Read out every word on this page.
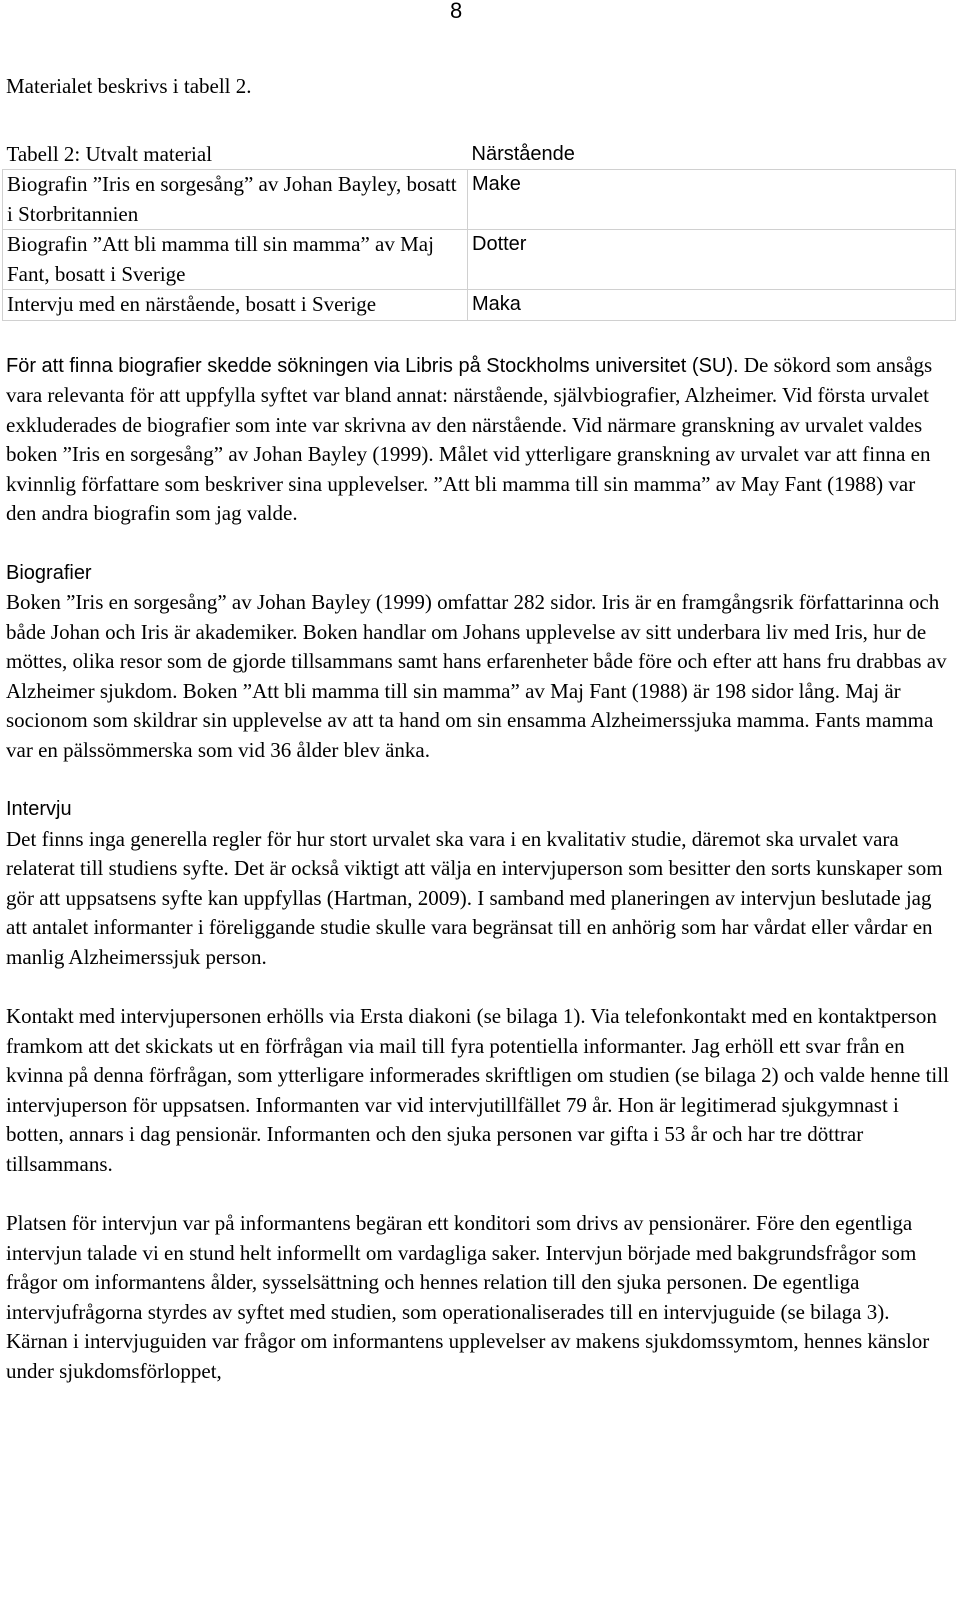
8

Materialet beskrivs i tabell 2.

Tabell 2: Utvalt material	Närstående
Biografin ”Iris en sorgesång” av Johan Bayley, bosatt i Storbritannien	Make
Biografin ”Att bli mamma till sin mamma” av Maj Fant, bosatt i Sverige	Dotter
Intervju med en närstående, bosatt i Sverige	Maka

För att finna biografier skedde sökningen via Libris på Stockholms universitet (SU). De sökord som ansågs vara relevanta för att uppfylla syftet var bland annat: närstående, självbiografier, Alzheimer. Vid första urvalet exkluderades de biografier som inte var skrivna av den närstående. Vid närmare granskning av urvalet valdes boken ”Iris en sorgesång” av Johan Bayley (1999). Målet vid ytterligare granskning av urvalet var att finna en kvinnlig författare som beskriver sina upplevelser. ”Att bli mamma till sin mamma” av May Fant (1988) var den andra biografin som jag valde.

Biografier

Boken ”Iris en sorgesång” av Johan Bayley (1999) omfattar 282 sidor. Iris är en framgångsrik författarinna och både Johan och Iris är akademiker. Boken handlar om Johans upplevelse av sitt underbara liv med Iris, hur de möttes, olika resor som de gjorde tillsammans samt hans erfarenheter både före och efter att hans fru drabbas av Alzheimer sjukdom. Boken ”Att bli mamma till sin mamma” av Maj Fant (1988) är 198 sidor lång. Maj är socionom som skildrar sin upplevelse av att ta hand om sin ensamma Alzheimerssjuka mamma. Fants mamma var en pälssömmerska som vid 36 ålder blev änka.

Intervju

Det finns inga generella regler för hur stort urvalet ska vara i en kvalitativ studie, däremot ska urvalet vara relaterat till studiens syfte. Det är också viktigt att välja en intervjuperson som besitter den sorts kunskaper som gör att uppsatsens syfte kan uppfyllas (Hartman, 2009). I samband med planeringen av intervjun beslutade jag att antalet informanter i föreliggande studie skulle vara begränsat till en anhörig som har vårdat eller vårdar en manlig Alzheimerssjuk person.

Kontakt med intervjupersonen erhölls via Ersta diakoni (se bilaga 1). Via telefonkontakt med en kontaktperson framkom att det skickats ut en förfrågan via mail till fyra potentiella informanter. Jag erhöll ett svar från en kvinna på denna förfrågan, som ytterligare informerades skriftligen om studien (se bilaga 2) och valde henne till intervjuperson för uppsatsen. Informanten var vid intervjutillfället 79 år. Hon är legitimerad sjukgymnast i botten, annars i dag pensionär. Informanten och den sjuka personen var gifta i 53 år och har tre döttrar tillsammans.

Platsen för intervjun var på informantens begäran ett konditori som drivs av pensionärer. Före den egentliga intervjun talade vi en stund helt informellt om vardagliga saker. Intervjun började med bakgrundsfrågor som frågor om informantens ålder, sysselsättning och hennes relation till den sjuka personen. De egentliga intervjufrågorna styrdes av syftet med studien, som operationaliserades till en intervjuguide (se bilaga 3). Kärnan i intervjuguiden var frågor om informantens upplevelser av makens sjukdomssymtom, hennes känslor under sjukdomsförloppet,
